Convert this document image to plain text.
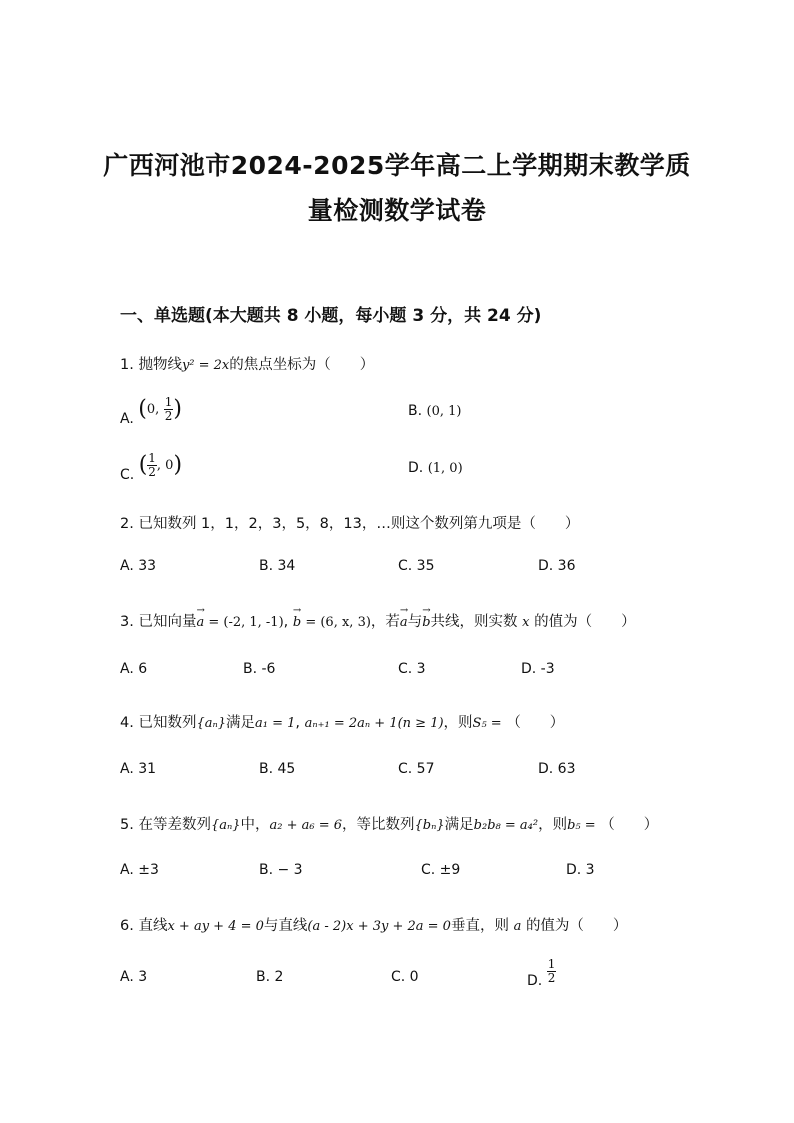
广西河池市2024-2025学年高二上学期期末教学质
量检测数学试卷
一、单选题(本大题共 8 小题，每小题 3 分，共 24 分)
1. 抛物线y² = 2x的焦点坐标为（　　）
A. (0, $\frac{1}{2}$ )	B. (0, 1)
C. ( $\frac{1}{2}$ , 0)	D. (1, 0)
2. 已知数列 1，1，2，3，5，8，13，…则这个数列第九项是（　　）
A. 33	B. 34	C. 35	D. 36
3. 已知向量a
→
= (-2, 1, -1), b
→
= (6, x, 3)，若a
→
与b
→
共线，则实数 x 的值为（　　）
A. 6	B. -6	C. 3	D. -3
4. 已知数列{aₙ}满足a₁ = 1, aₙ₊₁ = 2aₙ + 1(n ≥ 1)，则S₅ = （　　）
A. 31	B. 45	C. 57	D. 63
5. 在等差数列{aₙ}中，a₂ + a₆ = 6，等比数列{bₙ}满足b₂b₈ = a₄²，则b₅ = （　　）
A. ±3	B. − 3	C. ±9	D. 3
6. 直线x + ay + 4 = 0与直线(a - 2)x + 3y + 2a = 0垂直，则 a 的值为（　　）
A. 3	B. 2	C. 0	D. $\frac{1}{2}$
